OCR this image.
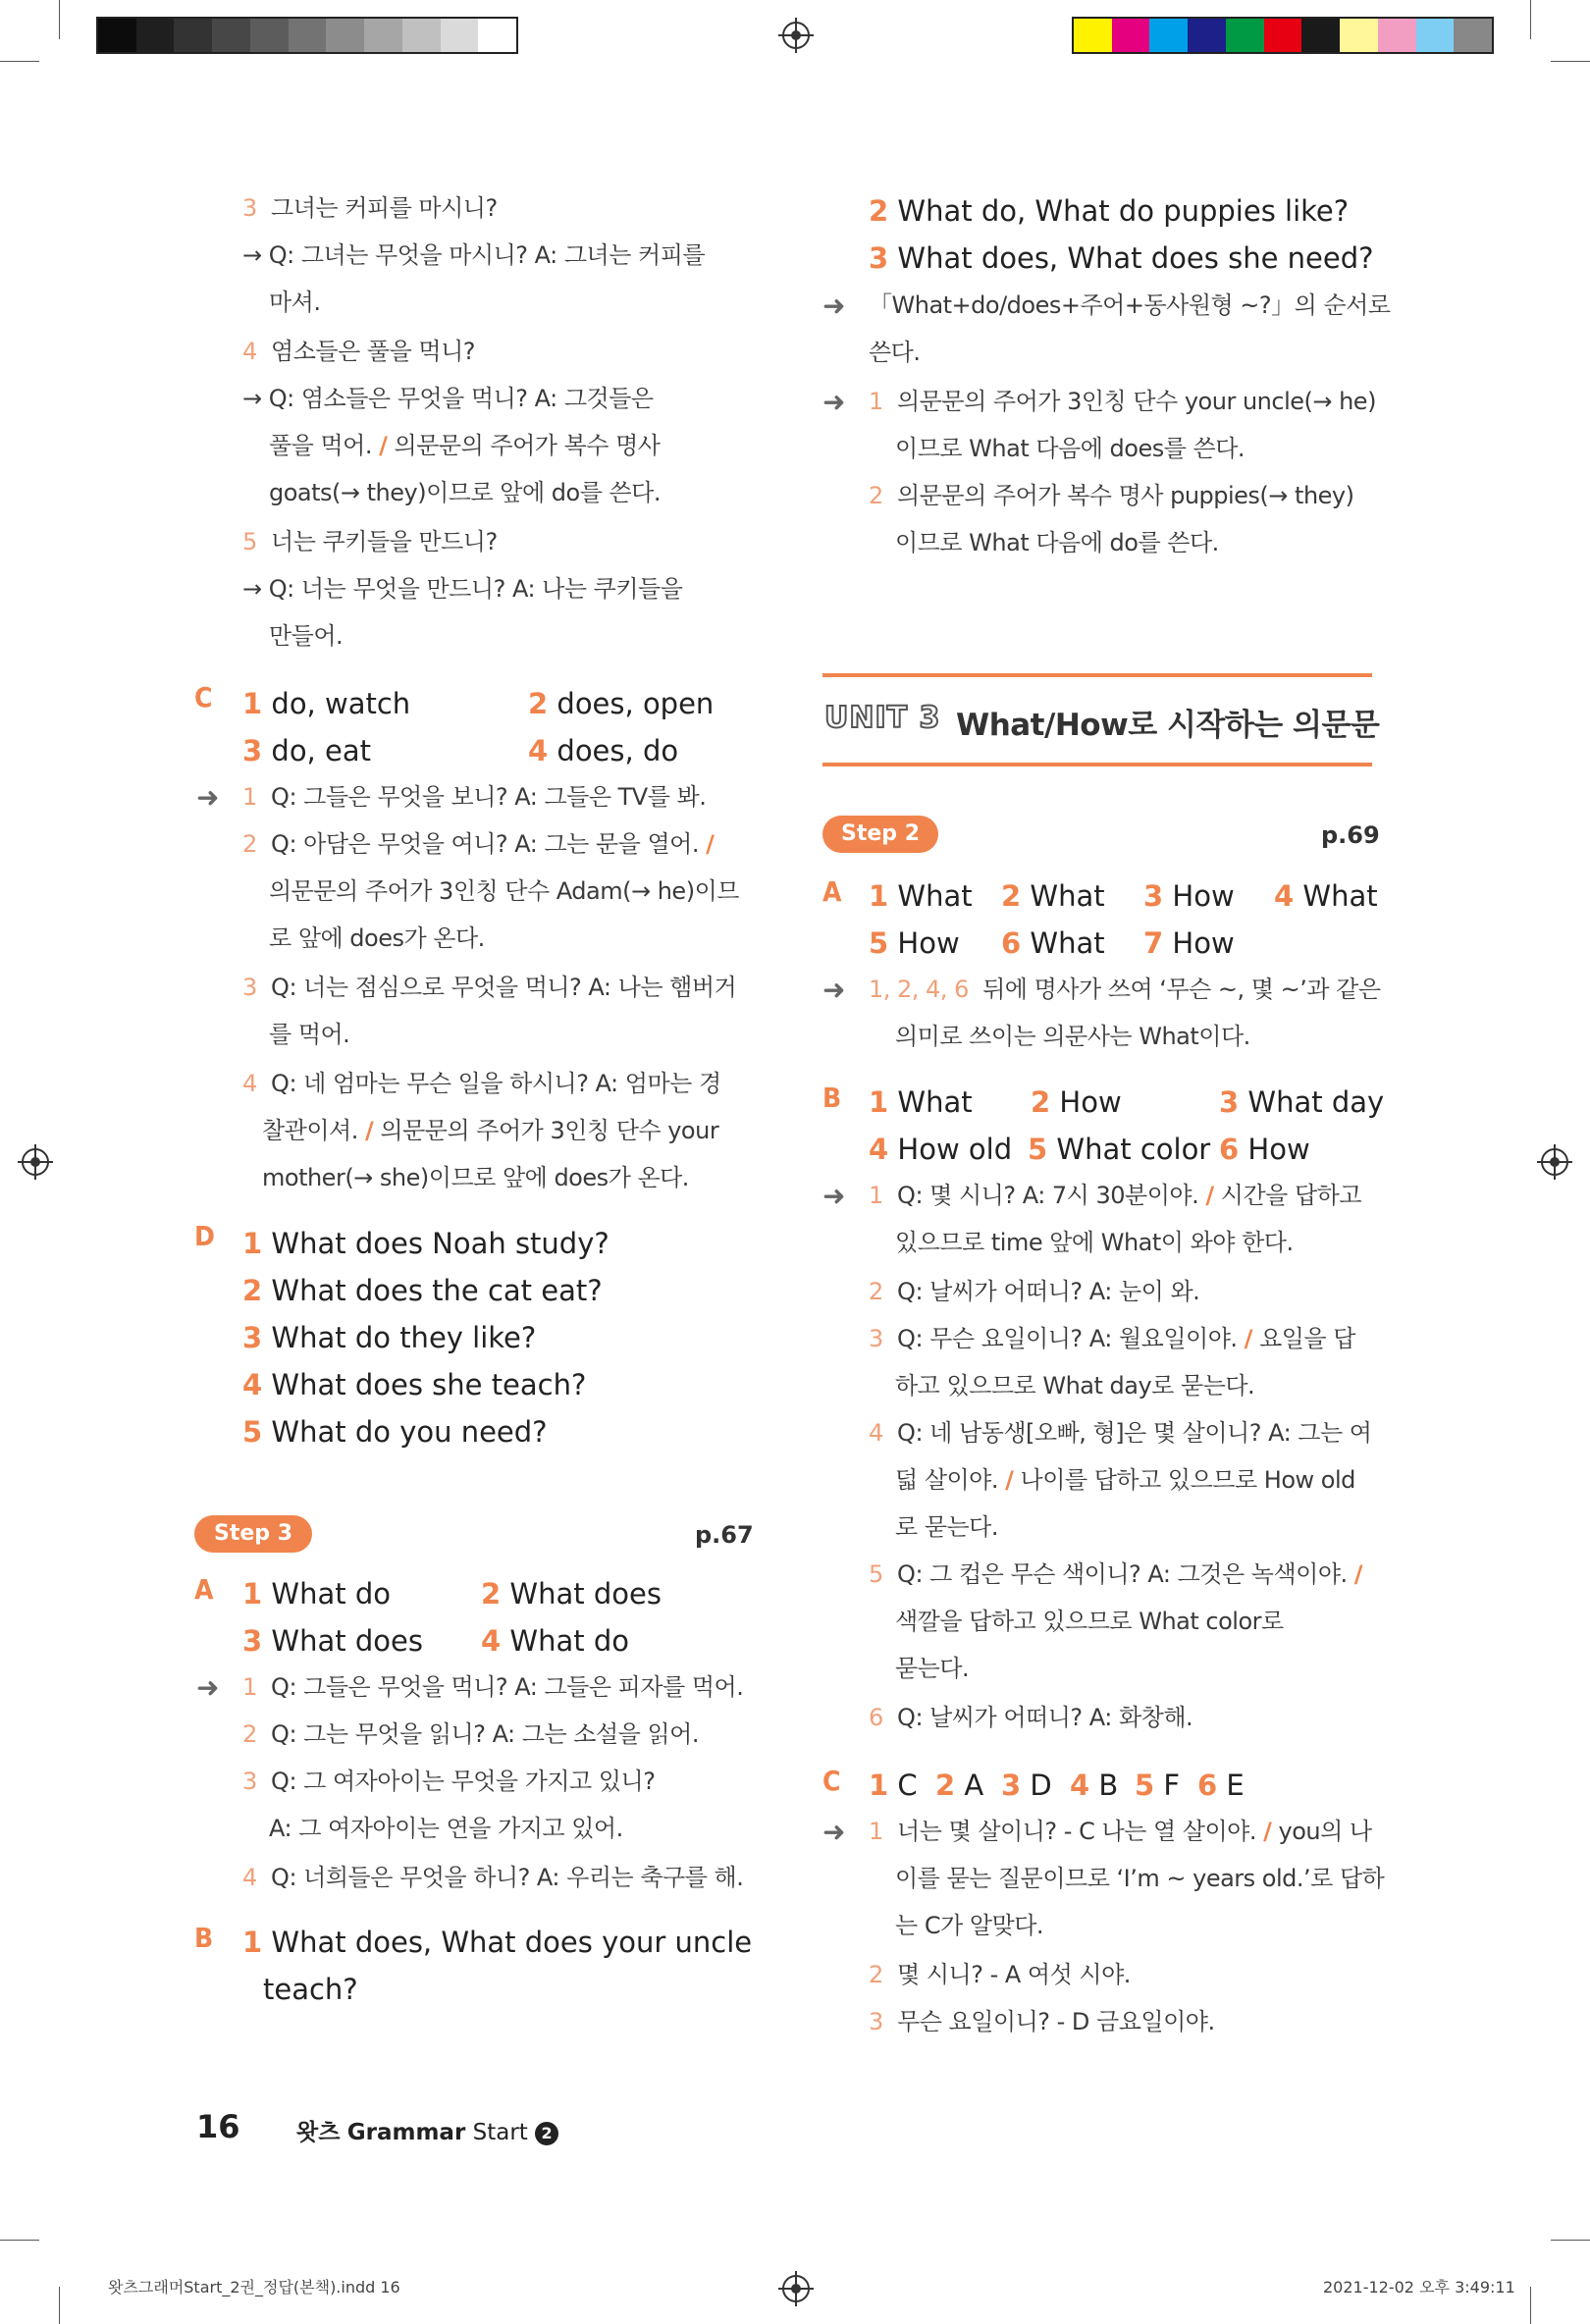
3 그녀는 커피를 마시니?
→ Q: 그녀는 무엇을 마시니? A: 그녀는 커피를
마셔.
4 염소들은 풀을 먹니?
→ Q: 염소들은 무엇을 먹니? A: 그것들은
풀을 먹어. / 의문문의 주어가 복수 명사
goats(→ they)이므로 앞에 do를 쓴다.
5 너는 쿠키들을 만드니?
→ Q: 너는 무엇을 만드니? A: 나는 쿠키들을
만들어.
C 1 do, watch	2 does, open
3 do, eat	4 does, do
➜ 1 Q: 그들은 무엇을 보니? A: 그들은 TV를 봐.
2 Q: 아담은 무엇을 여니? A: 그는 문을 열어. /
의문문의 주어가 3인칭 단수 Adam(→ he)이므
로 앞에 does가 온다.
3 Q: 너는 점심으로 무엇을 먹니? A: 나는 햄버거
를 먹어.
4 Q: 네 엄마는 무슨 일을 하시니? A: 엄마는 경
찰관이셔. / 의문문의 주어가 3인칭 단수 your
mother(→ she)이므로 앞에 does가 온다.
D 1 What does Noah study?
2 What does the cat eat?
3 What do they like?
4 What does she teach?
5 What do you need?
Step 3	p.67
A 1 What do	2 What does
3 What does 4 What do
➜ 1 Q: 그들은 무엇을 먹니? A: 그들은 피자를 먹어.
2 Q: 그는 무엇을 읽니? A: 그는 소설을 읽어.
3 Q: 그 여자아이는 무엇을 가지고 있니?
A: 그 여자아이는 연을 가지고 있어.
4 Q: 너희들은 무엇을 하니? A: 우리는 축구를 해.
B 1 What does, What does your uncle
teach?
2 What do, What do puppies like?
3 What does, What does she need?
➜ 「What+do/does+주어+동사원형 ~?」의 순서로
쓴다.
➜ 1 의문문의 주어가 3인칭 단수 your uncle(→ he)
이므로 What 다음에 does를 쓴다.
2 의문문의 주어가 복수 명사 puppies(→ they)
이므로 What 다음에 do를 쓴다.
UNIT 3 What/How로 시작하는 의문문
Step 2	p.69
A 1 What 2 What 3 How 4 What
5 How 6 What 7 How
➜ 1, 2, 4, 6 뒤에 명사가 쓰여 ‘무슨 ~, 몇 ~’과 같은
의미로 쓰이는 의문사는 What이다.
B 1 What 2 How	3 What day
4 How old 5 What color 6 How
➜ 1 Q: 몇 시니? A: 7시 30분이야. / 시간을 답하고
있으므로 time 앞에 What이 와야 한다.
2 Q: 날씨가 어떠니? A: 눈이 와.
3 Q: 무슨 요일이니? A: 월요일이야. / 요일을 답
하고 있으므로 What day로 묻는다.
4 Q: 네 남동생[오빠, 형]은 몇 살이니? A: 그는 여
덟 살이야. / 나이를 답하고 있으므로 How old
로 묻는다.
5 Q: 그 컵은 무슨 색이니? A: 그것은 녹색이야. /
색깔을 답하고 있으므로 What color로
묻는다.
6 Q: 날씨가 어떠니? A: 화창해.
C 1 C 2 A 3 D 4 B 5 F 6 E
➜ 1 너는 몇 살이니? - C 나는 열 살이야. / you의 나
이를 묻는 질문이므로 ‘I’m ~ years old.’로 답하
는 C가 알맞다.
2 몇 시니? - A 여섯 시야.
3 무슨 요일이니? - D 금요일이야.
16 왓츠 Grammar Start 2
왓츠그래머Start_2권_정답(본책).indd 16	2021-12-02 오후 3:49:11
